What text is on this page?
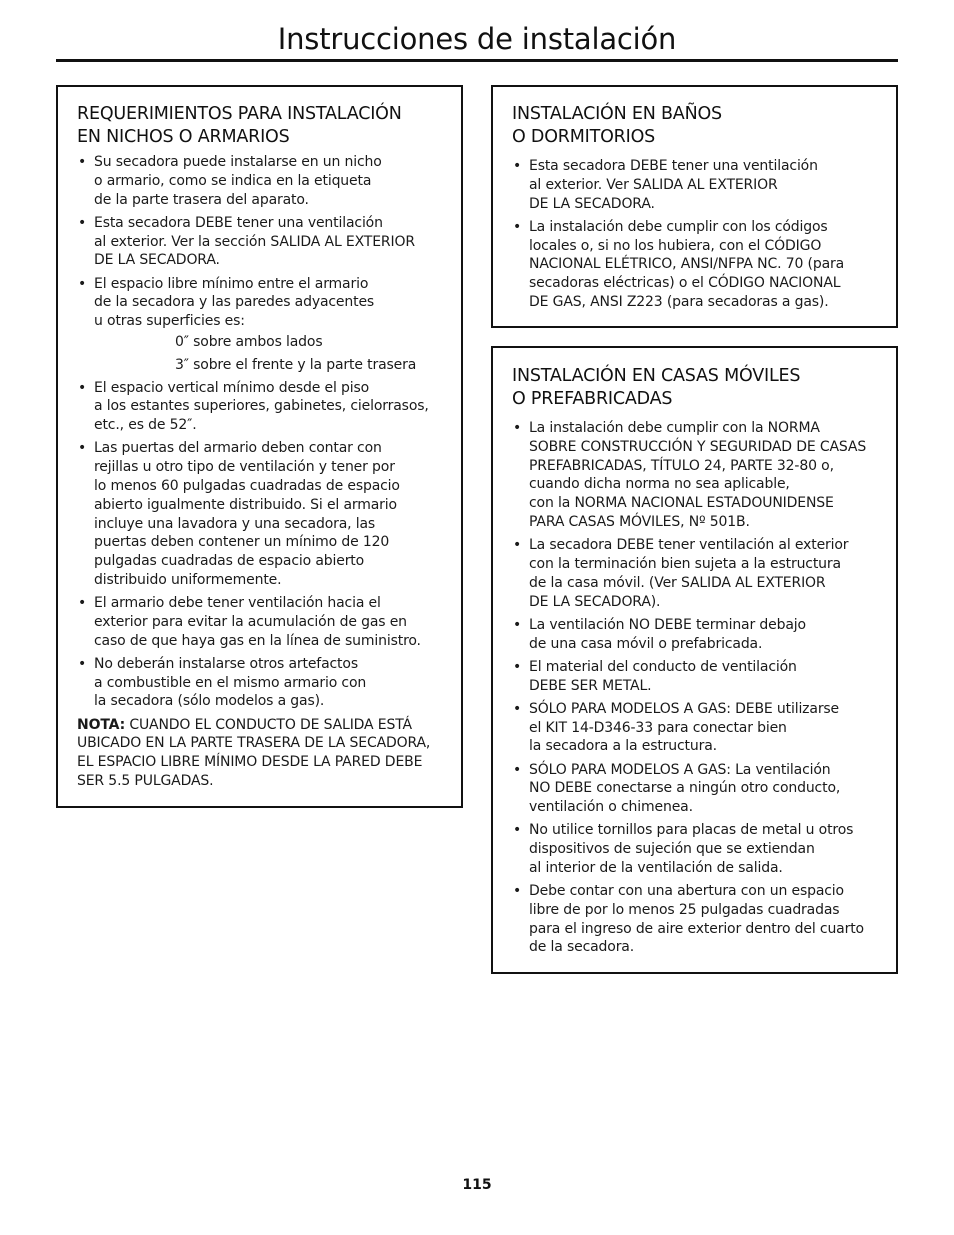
Instrucciones de instalación
REQUERIMIENTOS PARA INSTALACIÓN
EN NICHOS O ARMARIOS
• Su secadora puede instalarse en un nicho
o armario, como se indica en la etiqueta
de la parte trasera del aparato.
• Esta secadora DEBE tener una ventilación
al exterior. Ver la sección SALIDA AL EXTERIOR
DE LA SECADORA.
• El espacio libre mínimo entre el armario
de la secadora y las paredes adyacentes
u otras superficies es:
0″ sobre ambos lados
3″ sobre el frente y la parte trasera
• El espacio vertical mínimo desde el piso
a los estantes superiores, gabinetes, cielorrasos,
etc., es de 52″.
• Las puertas del armario deben contar con
rejillas u otro tipo de ventilación y tener por
lo menos 60 pulgadas cuadradas de espacio
abierto igualmente distribuido. Si el armario
incluye una lavadora y una secadora, las
puertas deben contener un mínimo de 120
pulgadas cuadradas de espacio abierto
distribuido uniformemente.
• El armario debe tener ventilación hacia el
exterior para evitar la acumulación de gas en
caso de que haya gas en la línea de suministro.
• No deberán instalarse otros artefactos
a combustible en el mismo armario con
la secadora (sólo modelos a gas).

NOTA: CUANDO EL CONDUCTO DE SALIDA ESTÁ
UBICADO EN LA PARTE TRASERA DE LA SECADORA,
EL ESPACIO LIBRE MÍNIMO DESDE LA PARED DEBE
SER 5.5 PULGADAS.

INSTALACIÓN EN BAÑOS
O DORMITORIOS
• Esta secadora DEBE tener una ventilación
al exterior. Ver SALIDA AL EXTERIOR
DE LA SECADORA.
• La instalación debe cumplir con los códigos
locales o, si no los hubiera, con el CÓDIGO
NACIONAL ELÉTRICO, ANSI/NFPA NC. 70 (para
secadoras eléctricas) o el CÓDIGO NACIONAL
DE GAS, ANSI Z223 (para secadoras a gas).
INSTALACIÓN EN CASAS MÓVILES
O PREFABRICADAS
• La instalación debe cumplir con la NORMA
SOBRE CONSTRUCCIÓN Y SEGURIDAD DE CASAS
PREFABRICADAS, TÍTULO 24, PARTE 32-80 o,
cuando dicha norma no sea aplicable,
con la NORMA NACIONAL ESTADOUNIDENSE
PARA CASAS MÓVILES, Nº 501B.
• La secadora DEBE tener ventilación al exterior
con la terminación bien sujeta a la estructura
de la casa móvil. (Ver SALIDA AL EXTERIOR
DE LA SECADORA).
• La ventilación NO DEBE terminar debajo
de una casa móvil o prefabricada.
• El material del conducto de ventilación
DEBE SER METAL.
• SÓLO PARA MODELOS A GAS: DEBE utilizarse
el KIT 14-D346-33 para conectar bien
la secadora a la estructura.
• SÓLO PARA MODELOS A GAS: La ventilación
NO DEBE conectarse a ningún otro conducto,
ventilación o chimenea.
• No utilice tornillos para placas de metal u otros
dispositivos de sujeción que se extiendan
al interior de la ventilación de salida.
• Debe contar con una abertura con un espacio
libre de por lo menos 25 pulgadas cuadradas
para el ingreso de aire exterior dentro del cuarto
de la secadora.
115
